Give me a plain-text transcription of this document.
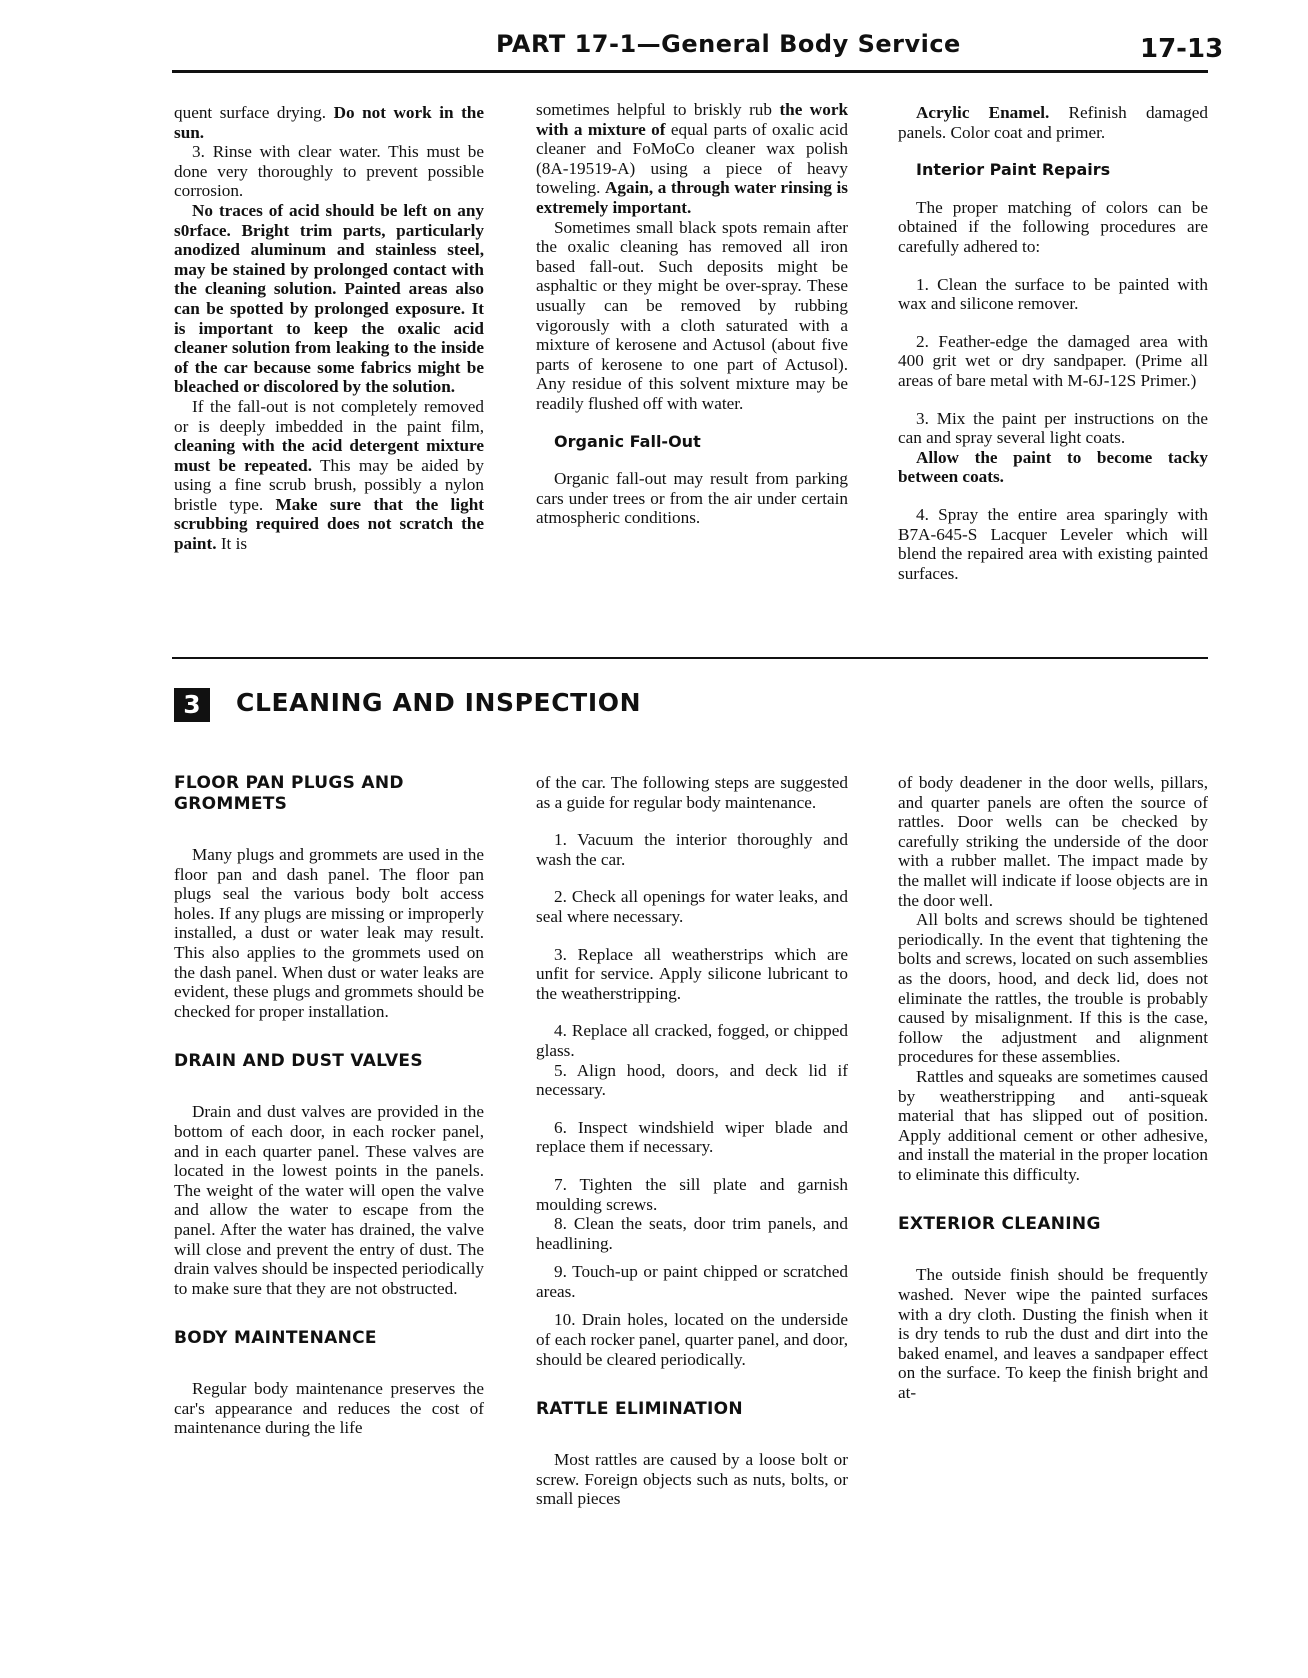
PART 17-1—General Body Service	17-13

quent surface drying. Do not work in the sun.

3. Rinse with clear water. This must be done very thoroughly to prevent possible corrosion.

No traces of acid should be left on any s0rface. Bright trim parts, particularly anodized aluminum and stainless steel, may be stained by prolonged contact with the cleaning solution. Painted areas also can be spotted by prolonged exposure. It is important to keep the oxalic acid cleaner solution from leaking to the inside of the car because some fabrics might be bleached or discolored by the solution.

If the fall-out is not completely removed or is deeply imbedded in the paint film, cleaning with the acid detergent mixture must be repeated. This may be aided by using a fine scrub brush, possibly a nylon bristle type. Make sure that the light scrubbing required does not scratch the paint. It is

sometimes helpful to briskly rub the work with a mixture of equal parts of oxalic acid cleaner and FoMoCo cleaner wax polish (8A-19519-A) using a piece of heavy toweling. Again, a through water rinsing is extremely important.

Sometimes small black spots remain after the oxalic cleaning has removed all iron based fall-out. Such deposits might be asphaltic or they might be over-spray. These usually can be removed by rubbing vigorously with a cloth saturated with a mixture of kerosene and Actusol (about five parts of kerosene to one part of Actusol). Any residue of this solvent mixture may be readily flushed off with water.

Organic Fall-Out

Organic fall-out may result from parking cars under trees or from the air under certain atmospheric conditions.

Acrylic Enamel. Refinish damaged panels. Color coat and primer.

Interior Paint Repairs

The proper matching of colors can be obtained if the following procedures are carefully adhered to:

1. Clean the surface to be painted with wax and silicone remover.

2. Feather-edge the damaged area with 400 grit wet or dry sandpaper. (Prime all areas of bare metal with M-6J-12S Primer.)

3. Mix the paint per instructions on the can and spray several light coats.

Allow the paint to become tacky between coats.

4. Spray the entire area sparingly with B7A-645-S Lacquer Leveler which will blend the repaired area with existing painted surfaces.

3	CLEANING AND INSPECTION

FLOOR PAN PLUGS AND GROMMETS

Many plugs and grommets are used in the floor pan and dash panel. The floor pan plugs seal the various body bolt access holes. If any plugs are missing or improperly installed, a dust or water leak may result. This also applies to the grommets used on the dash panel. When dust or water leaks are evident, these plugs and grommets should be checked for proper installation.

DRAIN AND DUST VALVES

Drain and dust valves are provided in the bottom of each door, in each rocker panel, and in each quarter panel. These valves are located in the lowest points in the panels. The weight of the water will open the valve and allow the water to escape from the panel. After the water has drained, the valve will close and prevent the entry of dust. The drain valves should be inspected periodically to make sure that they are not obstructed.

BODY MAINTENANCE

Regular body maintenance preserves the car's appearance and reduces the cost of maintenance during the life

of the car. The following steps are suggested as a guide for regular body maintenance.

1. Vacuum the interior thoroughly and wash the car.

2. Check all openings for water leaks, and seal where necessary.

3. Replace all weatherstrips which are unfit for service. Apply silicone lubricant to the weatherstripping.

4. Replace all cracked, fogged, or chipped glass.

5. Align hood, doors, and deck lid if necessary.

6. Inspect windshield wiper blade and replace them if necessary.

7. Tighten the sill plate and garnish moulding screws.

8. Clean the seats, door trim panels, and headlining.

9. Touch-up or paint chipped or scratched areas.

10. Drain holes, located on the underside of each rocker panel, quarter panel, and door, should be cleared periodically.

RATTLE ELIMINATION

Most rattles are caused by a loose bolt or screw. Foreign objects such as nuts, bolts, or small pieces

of body deadener in the door wells, pillars, and quarter panels are often the source of rattles. Door wells can be checked by carefully striking the underside of the door with a rubber mallet. The impact made by the mallet will indicate if loose objects are in the door well.

All bolts and screws should be tightened periodically. In the event that tightening the bolts and screws, located on such assemblies as the doors, hood, and deck lid, does not eliminate the rattles, the trouble is probably caused by misalignment. If this is the case, follow the adjustment and alignment procedures for these assemblies.

Rattles and squeaks are sometimes caused by weatherstripping and anti-squeak material that has slipped out of position. Apply additional cement or other adhesive, and install the material in the proper location to eliminate this difficulty.

EXTERIOR CLEANING

The outside finish should be frequently washed. Never wipe the painted surfaces with a dry cloth. Dusting the finish when it is dry tends to rub the dust and dirt into the baked enamel, and leaves a sandpaper effect on the surface. To keep the finish bright and at-
